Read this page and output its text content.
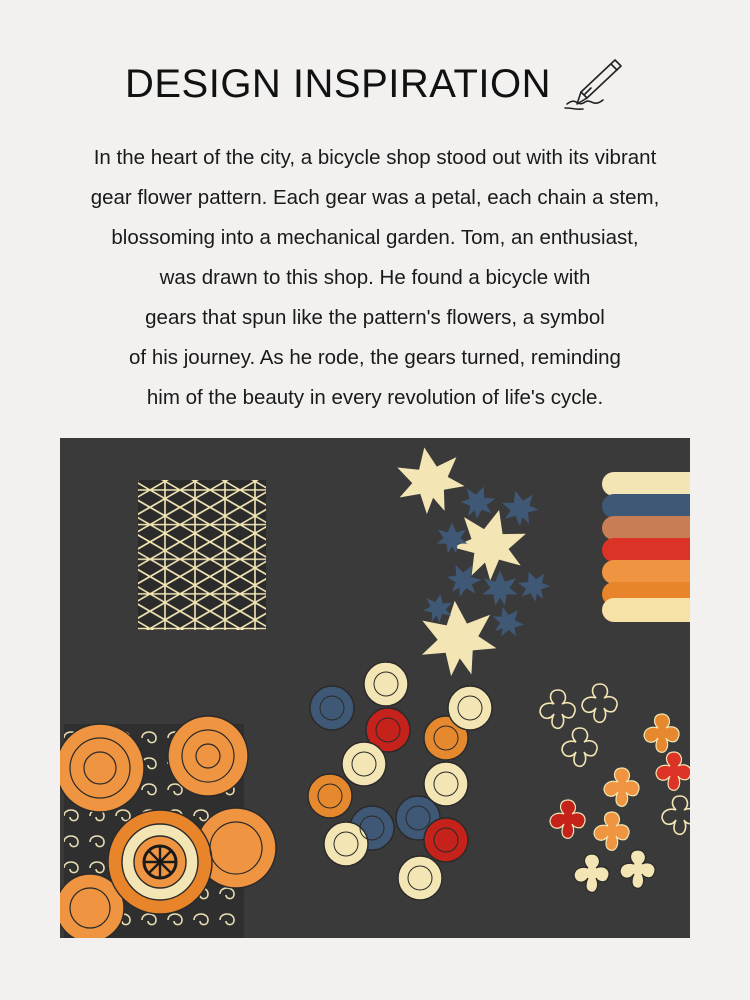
DESIGN INSPIRATION
In the heart of the city, a bicycle shop stood out with its vibrant
gear flower pattern. Each gear was a petal, each chain a stem,
blossoming into a mechanical garden. Tom, an enthusiast,
was drawn to this shop. He found a bicycle with
gears that spun like the pattern's flowers, a symbol
of his journey. As he rode, the gears turned, reminding
him of the beauty in every revolution of life's cycle.
